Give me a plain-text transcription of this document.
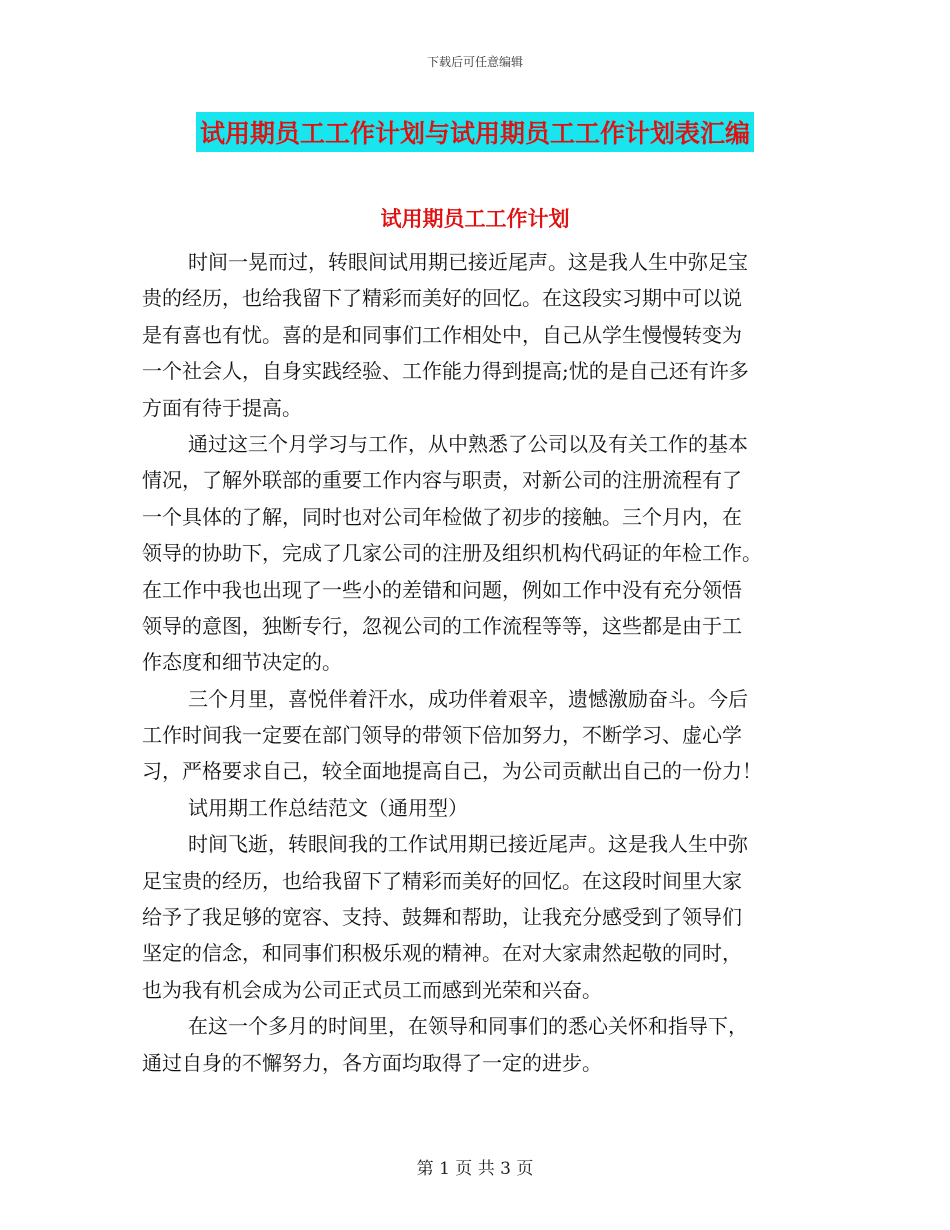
下载后可任意编辑
试用期员工工作计划与试用期员工工作计划表汇编
试用期员工工作计划
时间一晃而过，转眼间试用期已接近尾声。这是我人生中弥足宝
贵的经历，也给我留下了精彩而美好的回忆。在这段实习期中可以说
是有喜也有忧。喜的是和同事们工作相处中，自己从学生慢慢转变为
一个社会人，自身实践经验、工作能力得到提高;忧的是自己还有许多
方面有待于提高。
通过这三个月学习与工作，从中熟悉了公司以及有关工作的基本
情况，了解外联部的重要工作内容与职责，对新公司的注册流程有了
一个具体的了解，同时也对公司年检做了初步的接触。三个月内，在
领导的协助下，完成了几家公司的注册及组织机构代码证的年检工作。
在工作中我也出现了一些小的差错和问题，例如工作中没有充分领悟
领导的意图，独断专行，忽视公司的工作流程等等，这些都是由于工
作态度和细节决定的。
三个月里，喜悦伴着汗水，成功伴着艰辛，遗憾激励奋斗。今后
工作时间我一定要在部门领导的带领下倍加努力，不断学习、虚心学
习，严格要求自己，较全面地提高自己，为公司贡献出自己的一份力！
试用期工作总结范文（通用型）
时间飞逝，转眼间我的工作试用期已接近尾声。这是我人生中弥
足宝贵的经历，也给我留下了精彩而美好的回忆。在这段时间里大家
给予了我足够的宽容、支持、鼓舞和帮助，让我充分感受到了领导们
坚定的信念，和同事们积极乐观的精神。在对大家肃然起敬的同时，
也为我有机会成为公司正式员工而感到光荣和兴奋。
在这一个多月的时间里，在领导和同事们的悉心关怀和指导下，
通过自身的不懈努力，各方面均取得了一定的进步。
第 1 页 共 3 页
